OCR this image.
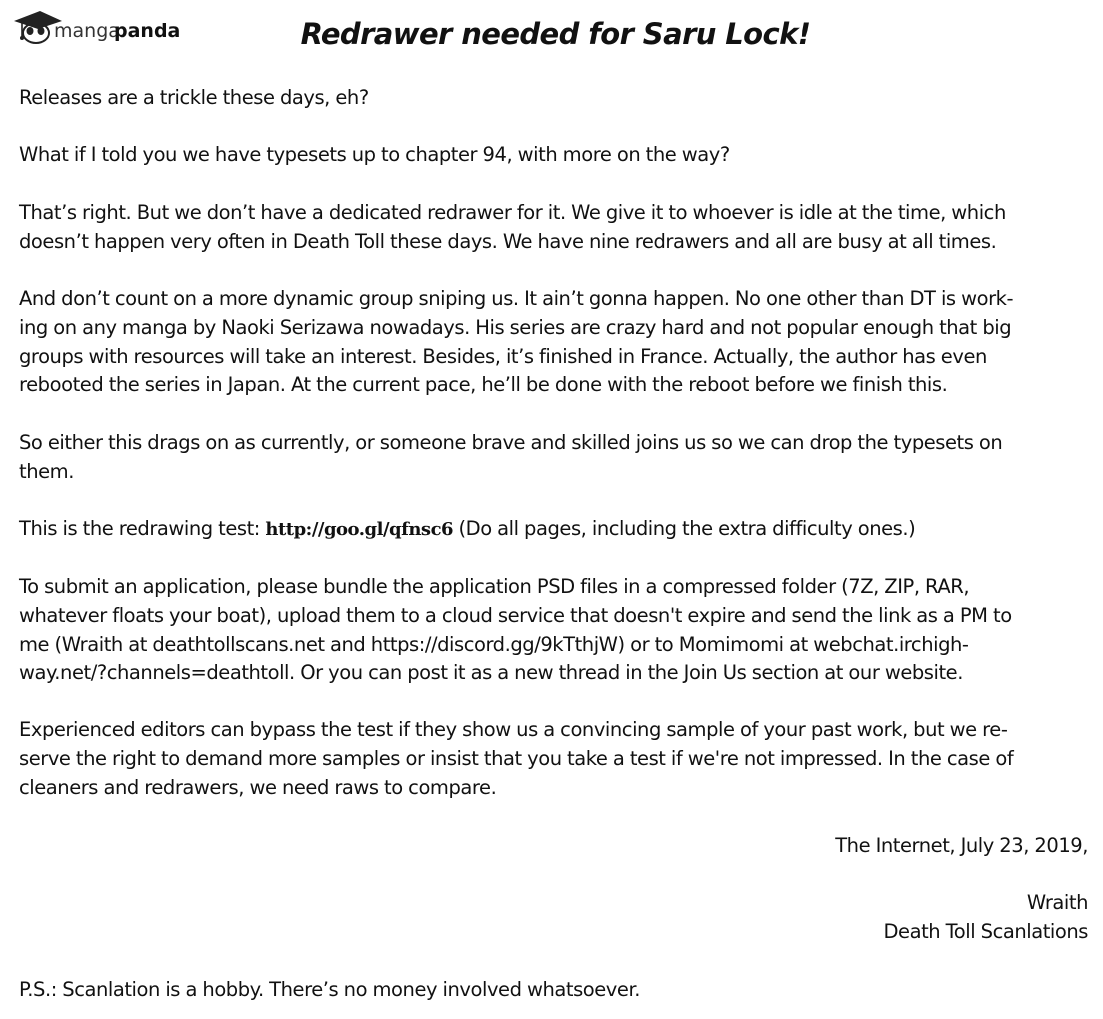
manga
panda	Redrawer needed for Saru Lock!

Releases are a trickle these days, eh?

What if I told you we have typesets up to chapter 94, with more on the way?

That’s right. But we don’t have a dedicated redrawer for it. We give it to whoever is idle at the time, which
doesn’t happen very often in Death Toll these days. We have nine redrawers and all are busy at all times.

And don’t count on a more dynamic group sniping us. It ain’t gonna happen. No one other than DT is work-
ing on any manga by Naoki Serizawa nowadays. His series are crazy hard and not popular enough that big
groups with resources will take an interest. Besides, it’s finished in France. Actually, the author has even
rebooted the series in Japan. At the current pace, he’ll be done with the reboot before we finish this.

So either this drags on as currently, or someone brave and skilled joins us so we can drop the typesets on
them.

This is the redrawing test: http://goo.gl/qfnsc6 (Do all pages, including the extra difficulty ones.)

To submit an application, please bundle the application PSD files in a compressed folder (7Z, ZIP, RAR,
whatever floats your boat), upload them to a cloud service that doesn't expire and send the link as a PM to
me (Wraith at deathtollscans.net and https://discord.gg/9kTthjW) or to Momimomi at webchat.irchigh-
way.net/?channels=deathtoll. Or you can post it as a new thread in the Join Us section at our website.

Experienced editors can bypass the test if they show us a convincing sample of your past work, but we re-
serve the right to demand more samples or insist that you take a test if we're not impressed. In the case of
cleaners and redrawers, we need raws to compare.

The Internet, July 23, 2019,

Wraith
Death Toll Scanlations

P.S.: Scanlation is a hobby. There’s no money involved whatsoever.
